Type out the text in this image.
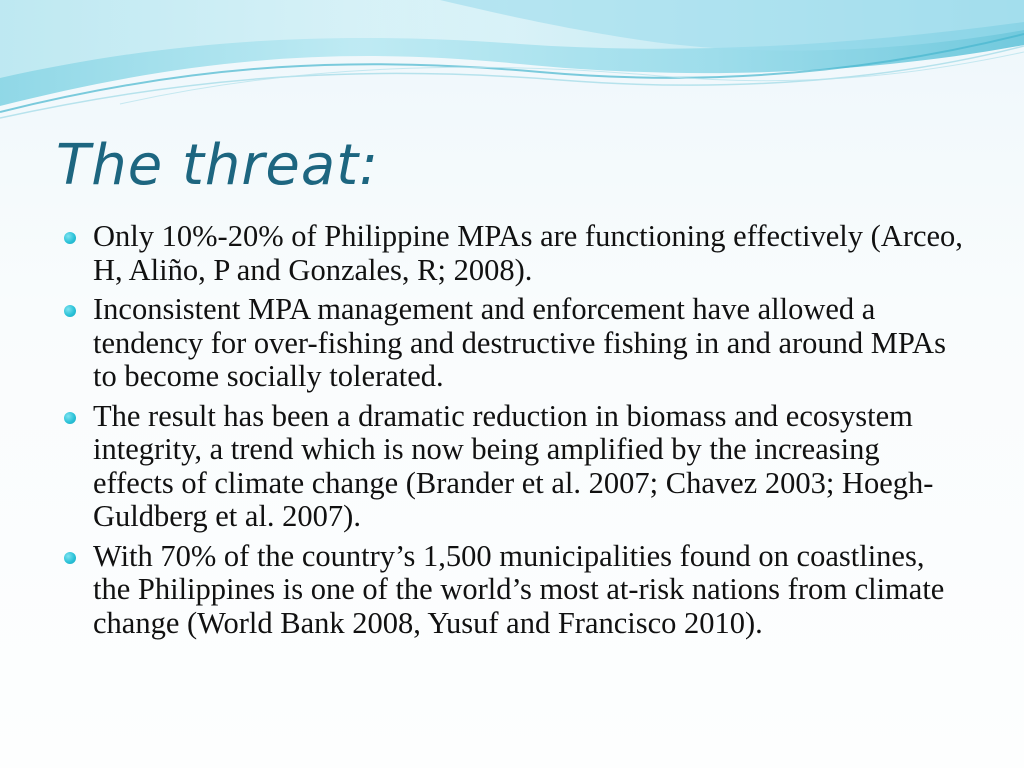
The threat:
Only 10%-20% of Philippine MPAs are functioning effectively (Arceo, H, Aliño, P and Gonzales, R; 2008).
Inconsistent MPA management and enforcement have allowed a tendency for over-fishing and destructive fishing in and around MPAs to become socially tolerated.
The result has been a dramatic reduction in biomass and ecosystem integrity, a trend which is now being amplified by the increasing effects of climate change (Brander et al. 2007; Chavez 2003; Hoegh-Guldberg et al. 2007).
With 70% of the country’s 1,500 municipalities found on coastlines, the Philippines is one of the world’s most at-risk nations from climate change (World Bank 2008, Yusuf and Francisco 2010).
